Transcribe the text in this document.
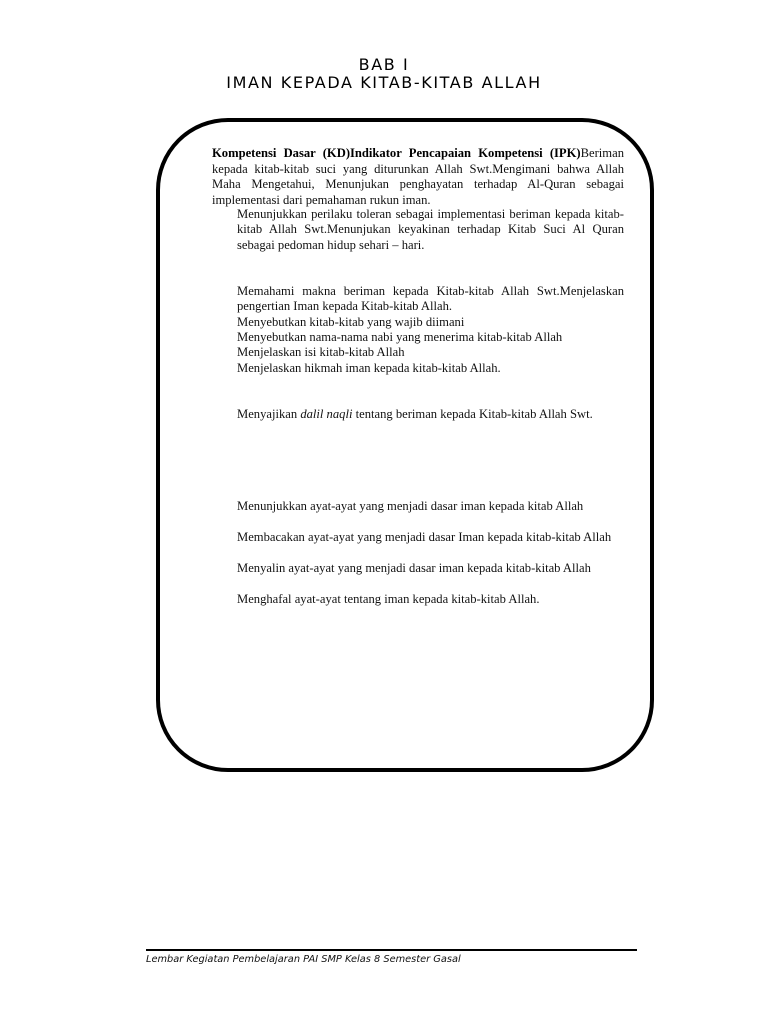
BAB I
IMAN KEPADA KITAB-KITAB ALLAH
Kompetensi Dasar (KD)Indikator Pencapaian Kompetensi (IPK)Beriman kepada kitab-kitab suci yang diturunkan Allah Swt.Mengimani bahwa Allah Maha Mengetahui, Menunjukan penghayatan terhadap Al-Quran sebagai implementasi dari pemahaman rukun iman.
Menunjukkan perilaku toleran sebagai implementasi beriman kepada kitab-kitab Allah Swt.Menunjukan keyakinan terhadap Kitab Suci Al Quran sebagai pedoman hidup sehari – hari.
Memahami makna beriman kepada Kitab-kitab Allah Swt.Menjelaskan pengertian Iman kepada Kitab-kitab Allah.
Menyebutkan kitab-kitab yang wajib diimani
Menyebutkan nama-nama nabi yang menerima kitab-kitab Allah
Menjelaskan isi kitab-kitab Allah
Menjelaskan hikmah iman kepada kitab-kitab Allah.
Menyajikan dalil naqli tentang beriman kepada Kitab-kitab Allah Swt.
Menunjukkan ayat-ayat yang menjadi dasar iman kepada kitab Allah
Membacakan ayat-ayat yang menjadi dasar Iman kepada kitab-kitab Allah
Menyalin ayat-ayat yang menjadi dasar iman kepada kitab-kitab Allah
Menghafal ayat-ayat tentang iman kepada kitab-kitab Allah.
Lembar Kegiatan Pembelajaran PAI SMP Kelas 8 Semester Gasal
